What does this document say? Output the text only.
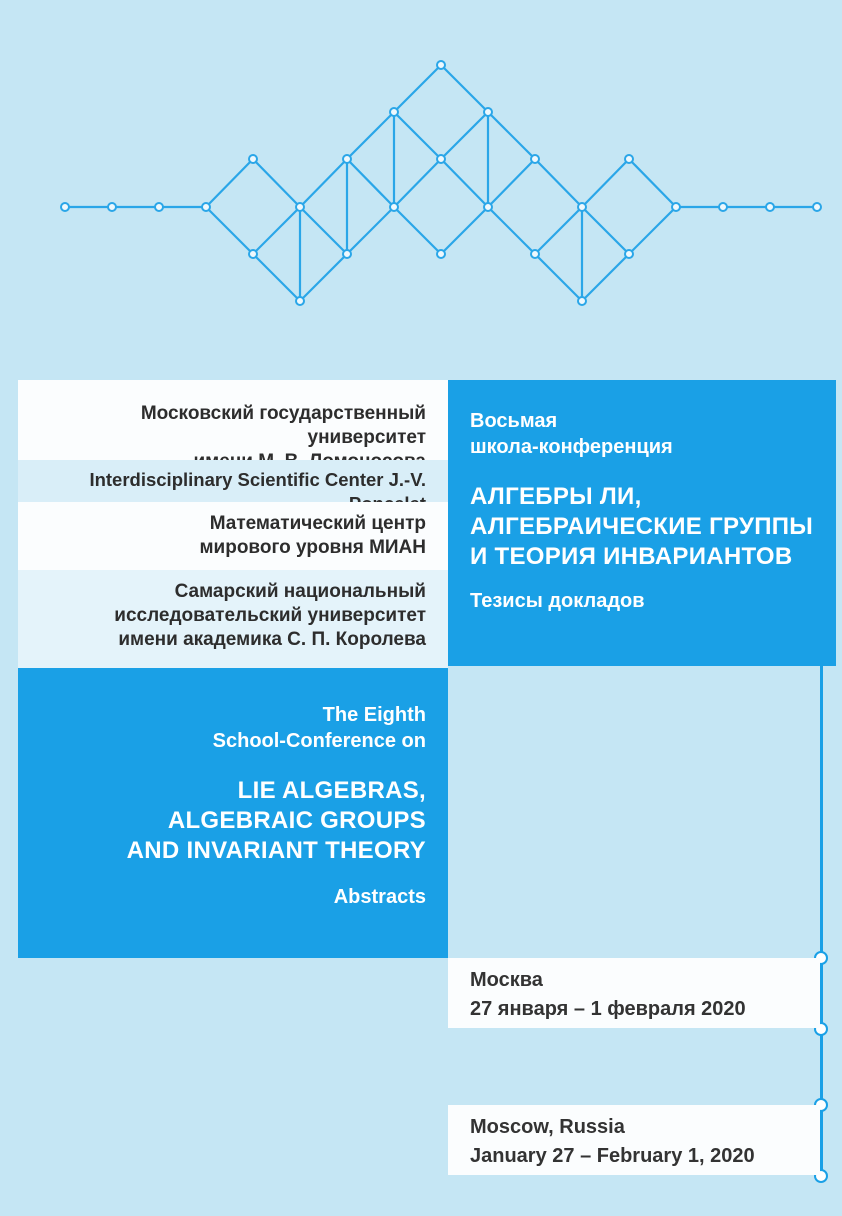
Московский государственный университет
Interdisciplinary Scientific Center J.-V.
Математический центр
мирового уровня МИАН
Самарский национальный
исследовательский университет
имени академика С. П. Королева
Восьмая
школа-конференция
АЛГЕБРЫ ЛИ,
АЛГЕБРАИЧЕСКИЕ ГРУППЫ
И ТЕОРИЯ ИНВАРИАНТОВ
Тезисы докладов
The Eighth
School-Conference on
LIE ALGEBRAS,
ALGEBRAIC GROUPS
AND INVARIANT THEORY
Abstracts
Москва
27 января – 1 февраля 2020
Moscow, Russia
January 27 – February 1, 2020
